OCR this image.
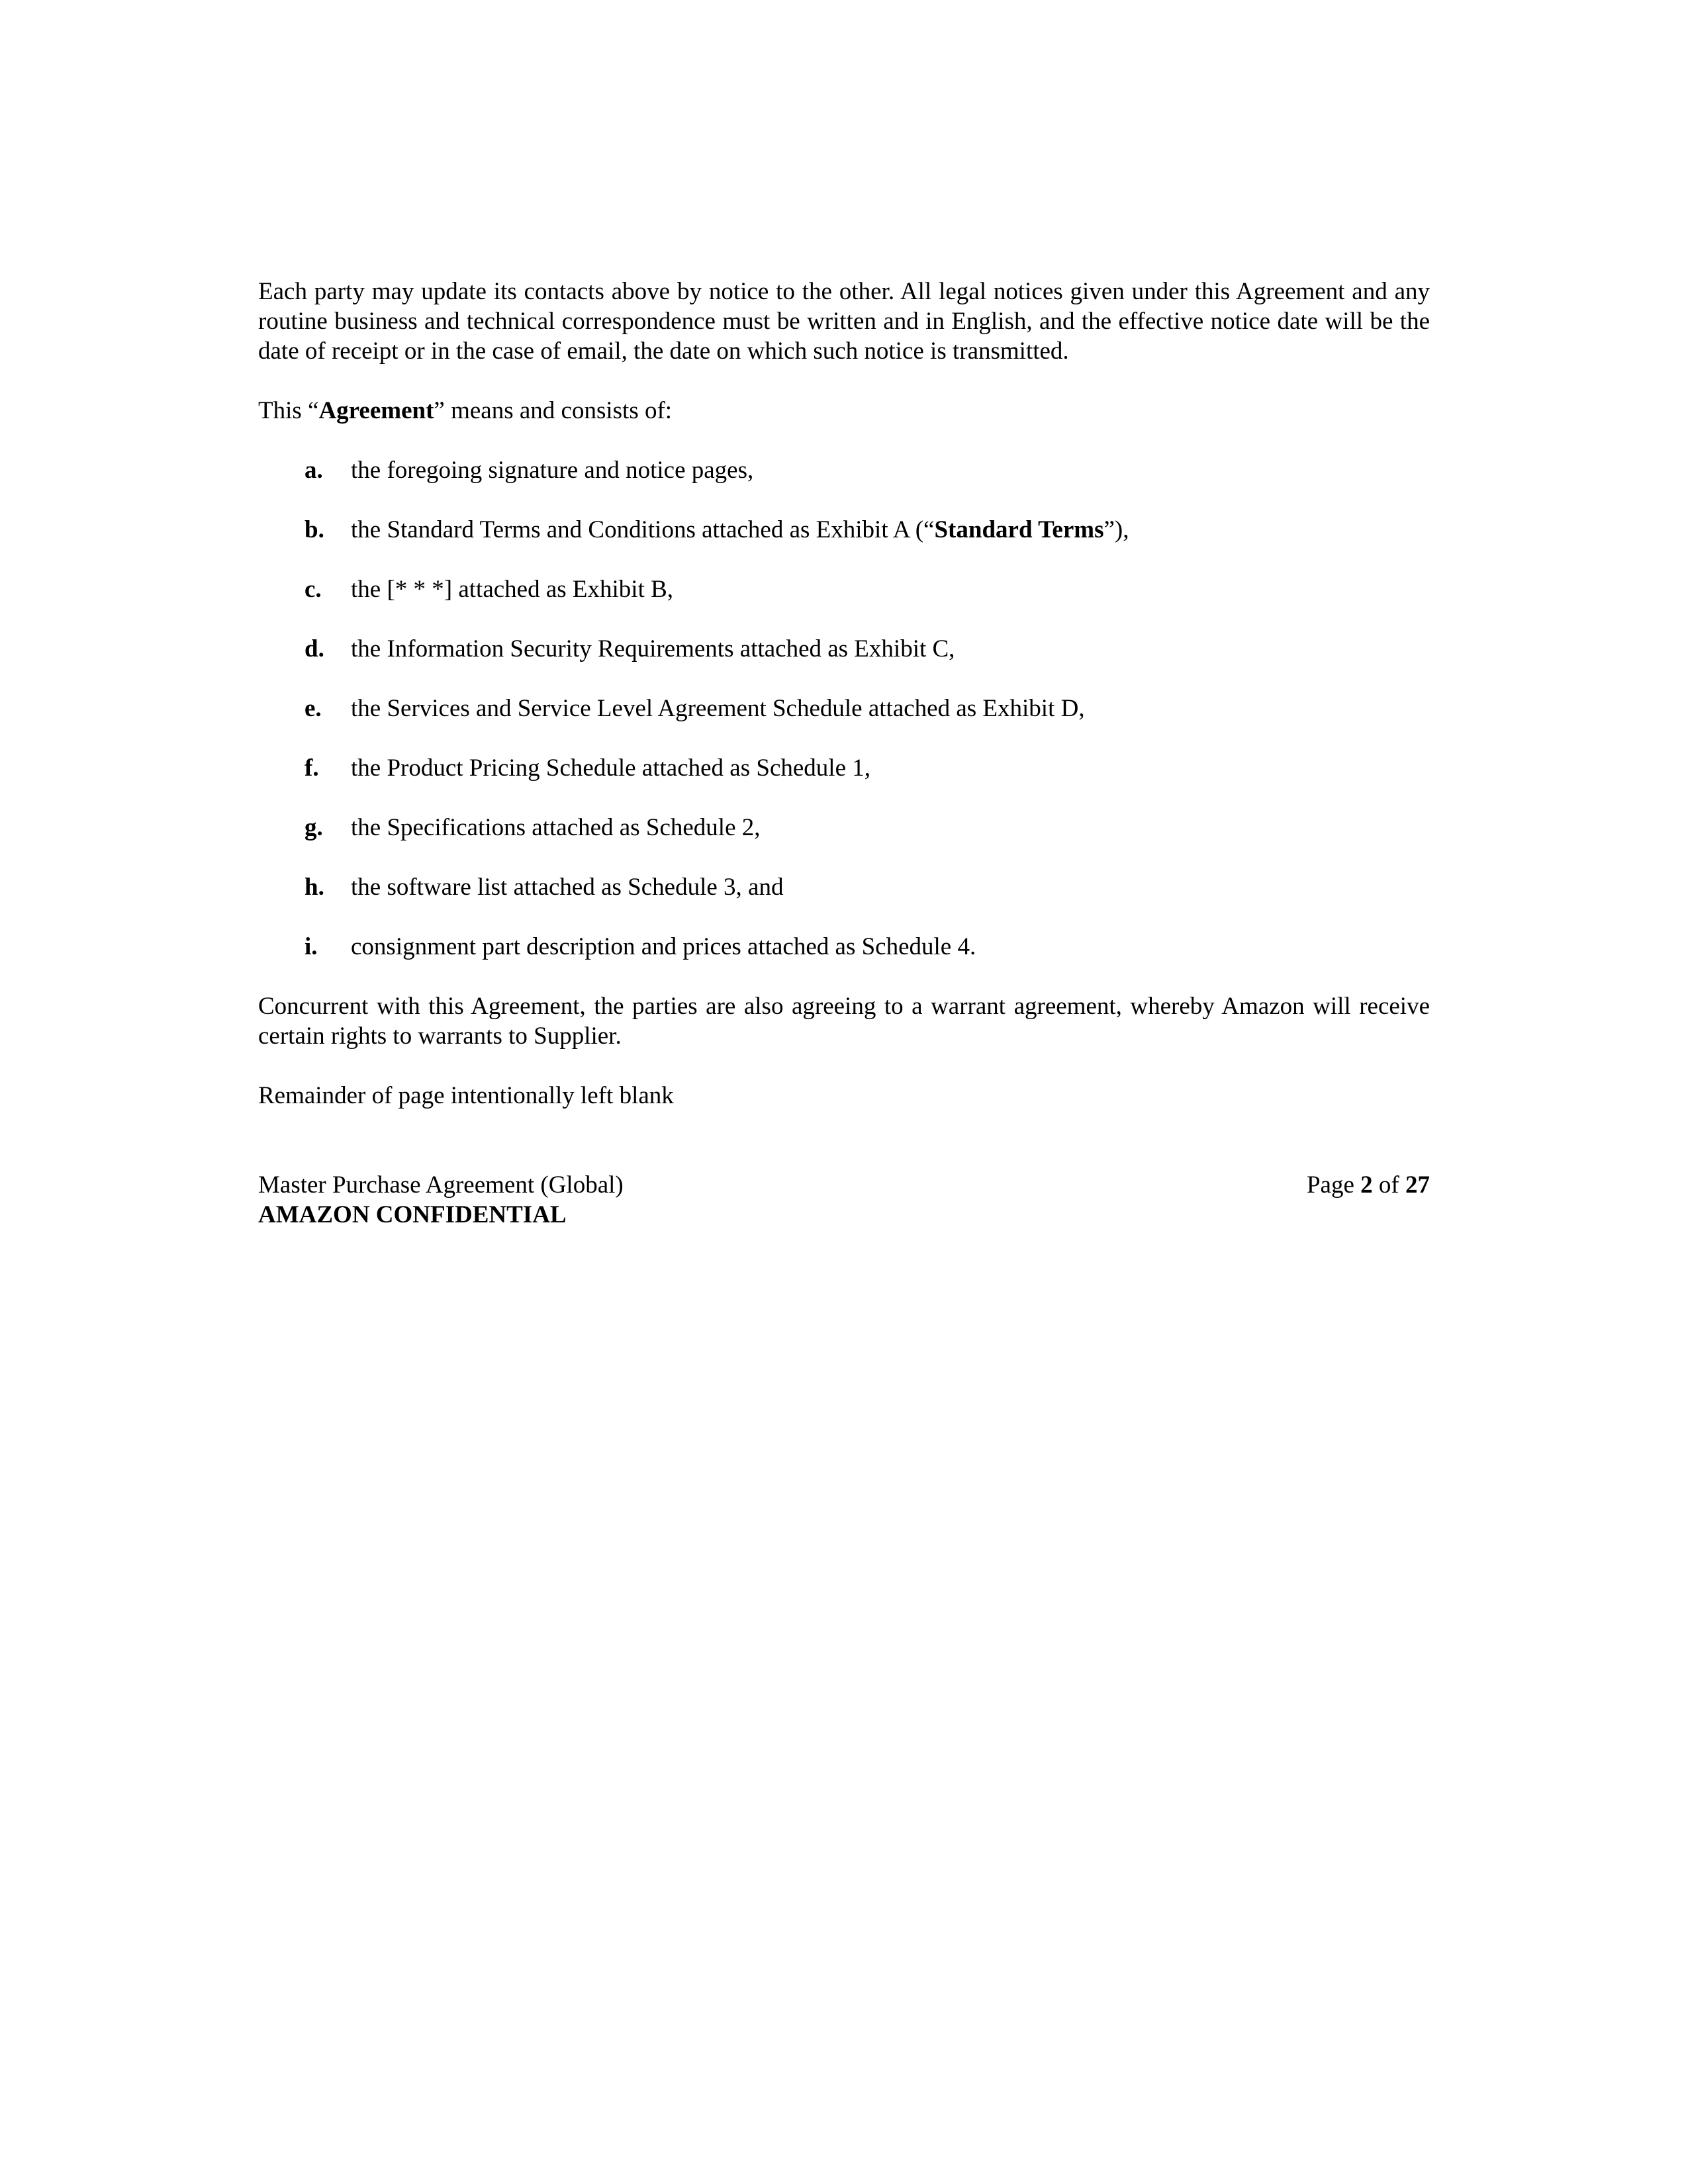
Each party may update its contacts above by notice to the other. All legal notices given under this Agreement and any routine business and technical correspondence must be written and in English, and the effective notice date will be the date of receipt or in the case of email, the date on which such notice is transmitted.

This “Agreement” means and consists of:

a. the foregoing signature and notice pages,
b. the Standard Terms and Conditions attached as Exhibit A (“Standard Terms”),
c. the [* * *] attached as Exhibit B,
d. the Information Security Requirements attached as Exhibit C,
e. the Services and Service Level Agreement Schedule attached as Exhibit D,
f. the Product Pricing Schedule attached as Schedule 1,
g. the Specifications attached as Schedule 2,
h. the software list attached as Schedule 3, and
i. consignment part description and prices attached as Schedule 4.

Concurrent with this Agreement, the parties are also agreeing to a warrant agreement, whereby Amazon will receive certain rights to warrants to Supplier.

Remainder of page intentionally left blank

Master Purchase Agreement (Global)	Page 2 of 27
AMAZON CONFIDENTIAL
